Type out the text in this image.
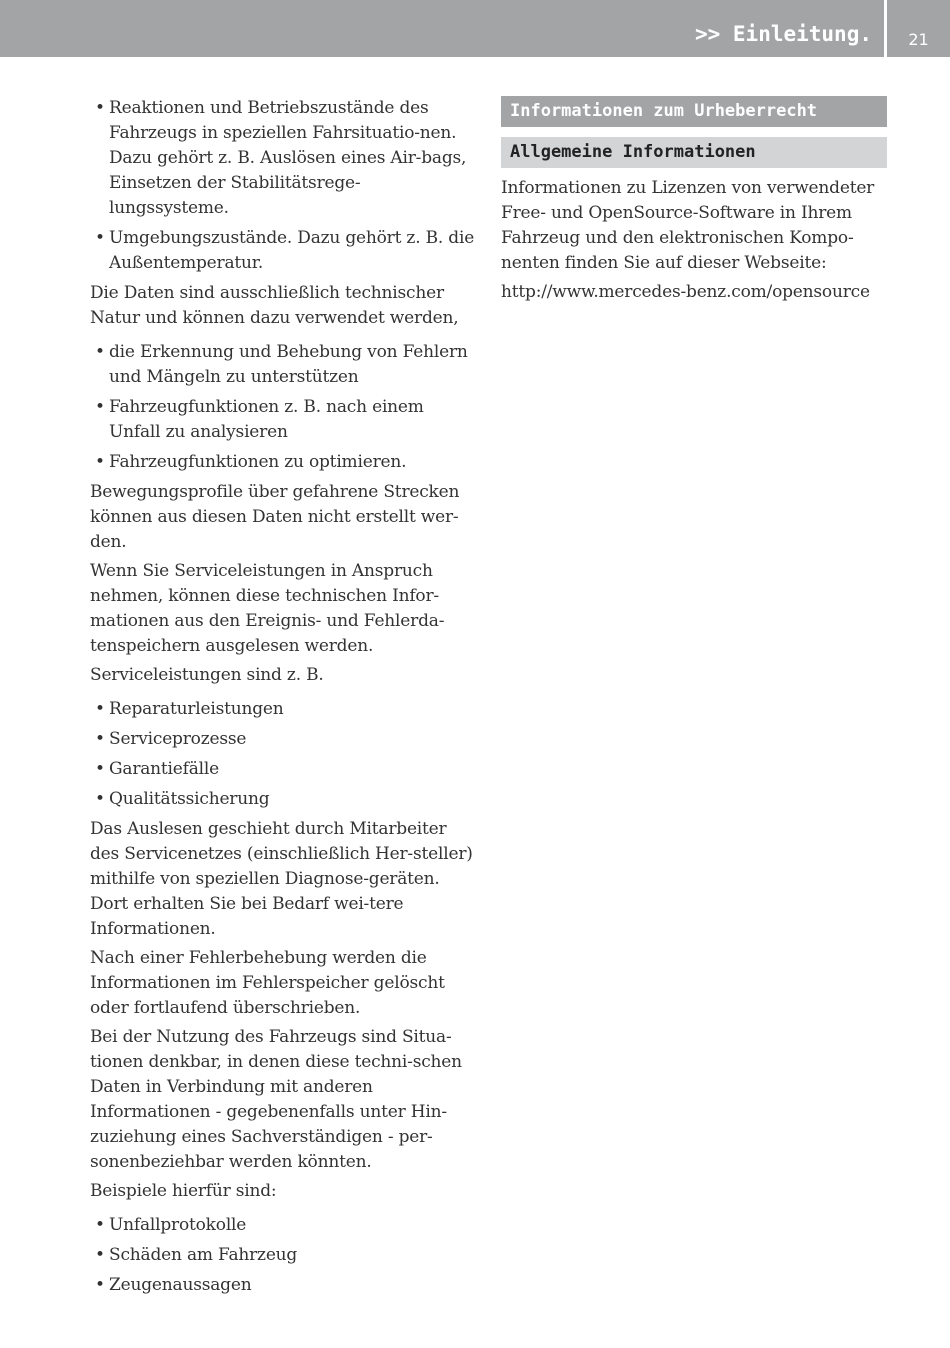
>> Einleitung.	21
• Reaktionen und Betriebszustände des Fahrzeugs in speziellen Fahrsituatio-nen. Dazu gehört z. B. Auslösen eines Air-bags, Einsetzen der Stabilitätsrege-lungssysteme.
• Umgebungszustände. Dazu gehört z. B. die Außentemperatur.

Die Daten sind ausschließlich technischer Natur und können dazu verwendet werden,

• die Erkennung und Behebung von Fehlern und Mängeln zu unterstützen
• Fahrzeugfunktionen z. B. nach einem Unfall zu analysieren
• Fahrzeugfunktionen zu optimieren.

Bewegungsprofile über gefahrene Strecken können aus diesen Daten nicht erstellt wer-den.

Wenn Sie Serviceleistungen in Anspruch nehmen, können diese technischen Infor-mationen aus den Ereignis- und Fehlerda-tenspeichern ausgelesen werden.

Serviceleistungen sind z. B.

• Reparaturleistungen
• Serviceprozesse
• Garantiefälle
• Qualitätssicherung

Das Auslesen geschieht durch Mitarbeiter des Servicenetzes (einschließlich Her-steller) mithilfe von speziellen Diagnose-geräten. Dort erhalten Sie bei Bedarf wei-tere Informationen.

Nach einer Fehlerbehebung werden die Informationen im Fehlerspeicher gelöscht oder fortlaufend überschrieben.

Bei der Nutzung des Fahrzeugs sind Situa-tionen denkbar, in denen diese techni-schen Daten in Verbindung mit anderen Informationen - gegebenenfalls unter Hin-zuziehung eines Sachverständigen - per-sonenbeziehbar werden könnten.

Beispiele hierfür sind:

• Unfallprotokolle
• Schäden am Fahrzeug
• Zeugenaussagen
Informationen zum Urheberrecht
Allgemeine Informationen

Informationen zu Lizenzen von verwendeter Free- und OpenSource-Software in Ihrem Fahrzeug und den elektronischen Kompo-nenten finden Sie auf dieser Webseite:

http://www.mercedes-benz.com/opensource
